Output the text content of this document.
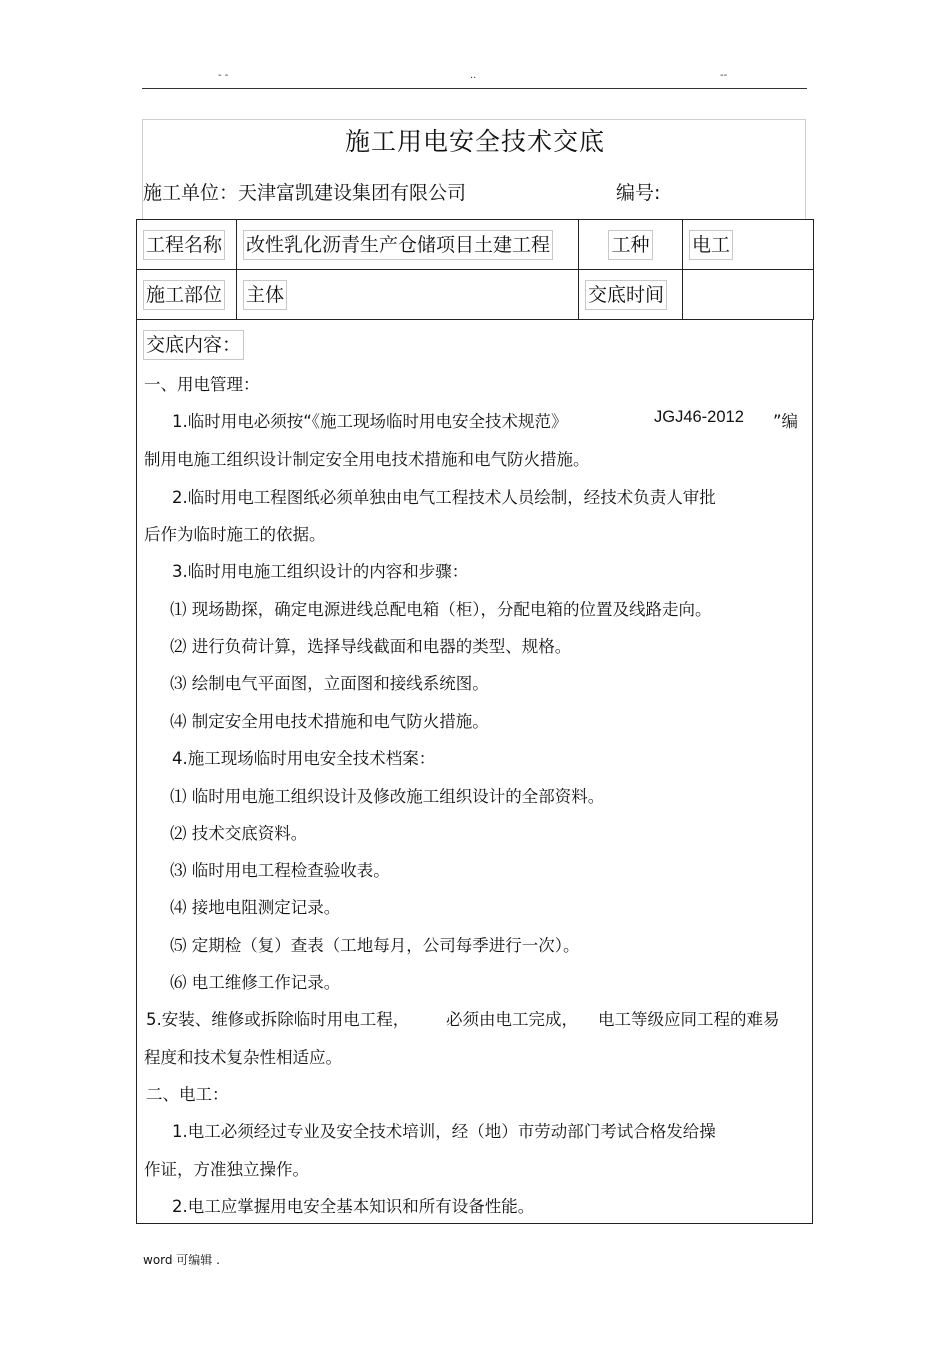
- -	..	--
施工用电安全技术交底
施工单位：天津富凯建设集团有限公司	编号:
工程名称	改性乳化沥青生产仓储项目土建工程	工种	电工
施工部位	主体	交底时间	
交底内容：
一、用电管理：
1.临时用电必须按“《施工现场临时用电安全技术规范》	JGJ46-2012 ”编
制用电施工组织设计制定安全用电技术措施和电气防火措施。
2.临时用电工程图纸必须单独由电气工程技术人员绘制，经技术负责人审批
后作为临时施工的依据。
3.临时用电施工组织设计的内容和步骤：
⑴ 现场勘探，确定电源进线总配电箱（柜），分配电箱的位置及线路走向。
⑵ 进行负荷计算，选择导线截面和电器的类型、规格。
⑶ 绘制电气平面图，立面图和接线系统图。
⑷ 制定安全用电技术措施和电气防火措施。
4.施工现场临时用电安全技术档案：
⑴ 临时用电施工组织设计及修改施工组织设计的全部资料。
⑵ 技术交底资料。
⑶ 临时用电工程检查验收表。
⑷ 接地电阻测定记录。
⑸ 定期检（复）查表（工地每月，公司每季进行一次）。
⑹ 电工维修工作记录。
5.安装、维修或拆除临时用电工程， 必须由电工完成， 电工等级应同工程的难易
程度和技术复杂性相适应。
二、电工：
1.电工必须经过专业及安全技术培训，经（地）市劳动部门考试合格发给操
作证，方准独立操作。
2.电工应掌握用电安全基本知识和所有设备性能。
word 可编辑 .
